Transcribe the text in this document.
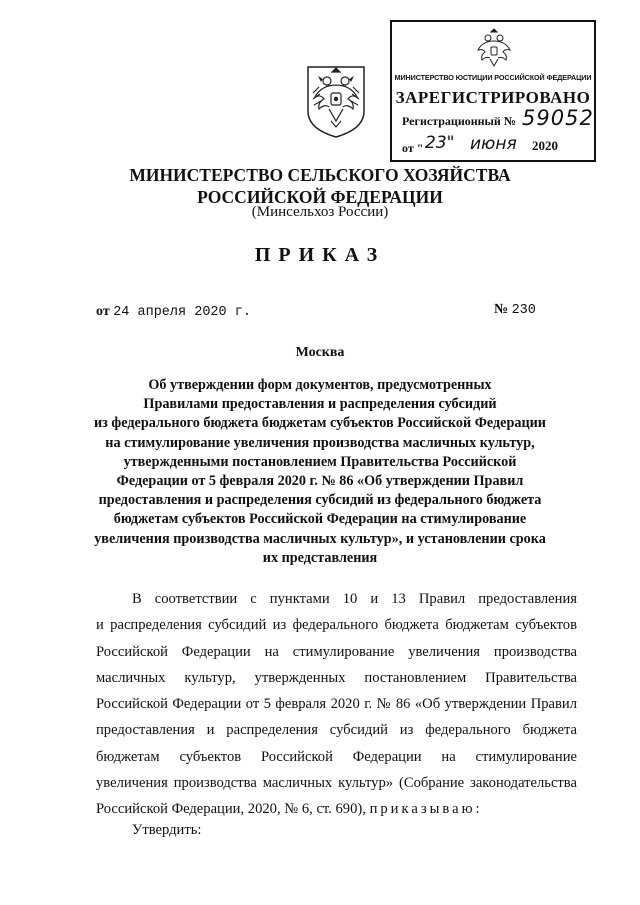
МИНИСТЕРСТВО ЮСТИЦИИ РОССИЙСКОЙ ФЕДЕРАЦИИ
ЗАРЕГИСТРИРОВАНО
Регистрационный № 59052
от " 23" июня 2020
МИНИСТЕРСТВО СЕЛЬСКОГО ХОЗЯЙСТВА
РОССИЙСКОЙ ФЕДЕРАЦИИ
(Минсельхоз России)
ПРИКАЗ
от 24 апреля 2020 г.	№ 230
Москва
Об утверждении форм документов, предусмотренных
Правилами предоставления и распределения субсидий
из федерального бюджета бюджетам субъектов Российской Федерации
на стимулирование увеличения производства масличных культур,
утвержденными постановлением Правительства Российской
Федерации от 5 февраля 2020 г. № 86 «Об утверждении Правил
предоставления и распределения субсидий из федерального бюджета
бюджетам субъектов Российской Федерации на стимулирование
увеличения производства масличных культур», и установлении срока
их представления
В соответствии с пунктами 10 и 13 Правил предоставления
и распределения субсидий из федерального бюджета бюджетам субъектов
Российской Федерации на стимулирование увеличения производства
масличных культур, утвержденных постановлением Правительства
Российской Федерации от 5 февраля 2020 г. № 86 «Об утверждении Правил
предоставления и распределения субсидий из федерального бюджета
бюджетам субъектов Российской Федерации на стимулирование
увеличения производства масличных культур» (Собрание законодательства
Российской Федерации, 2020, № 6, ст. 690), приказываю:
Утвердить:
